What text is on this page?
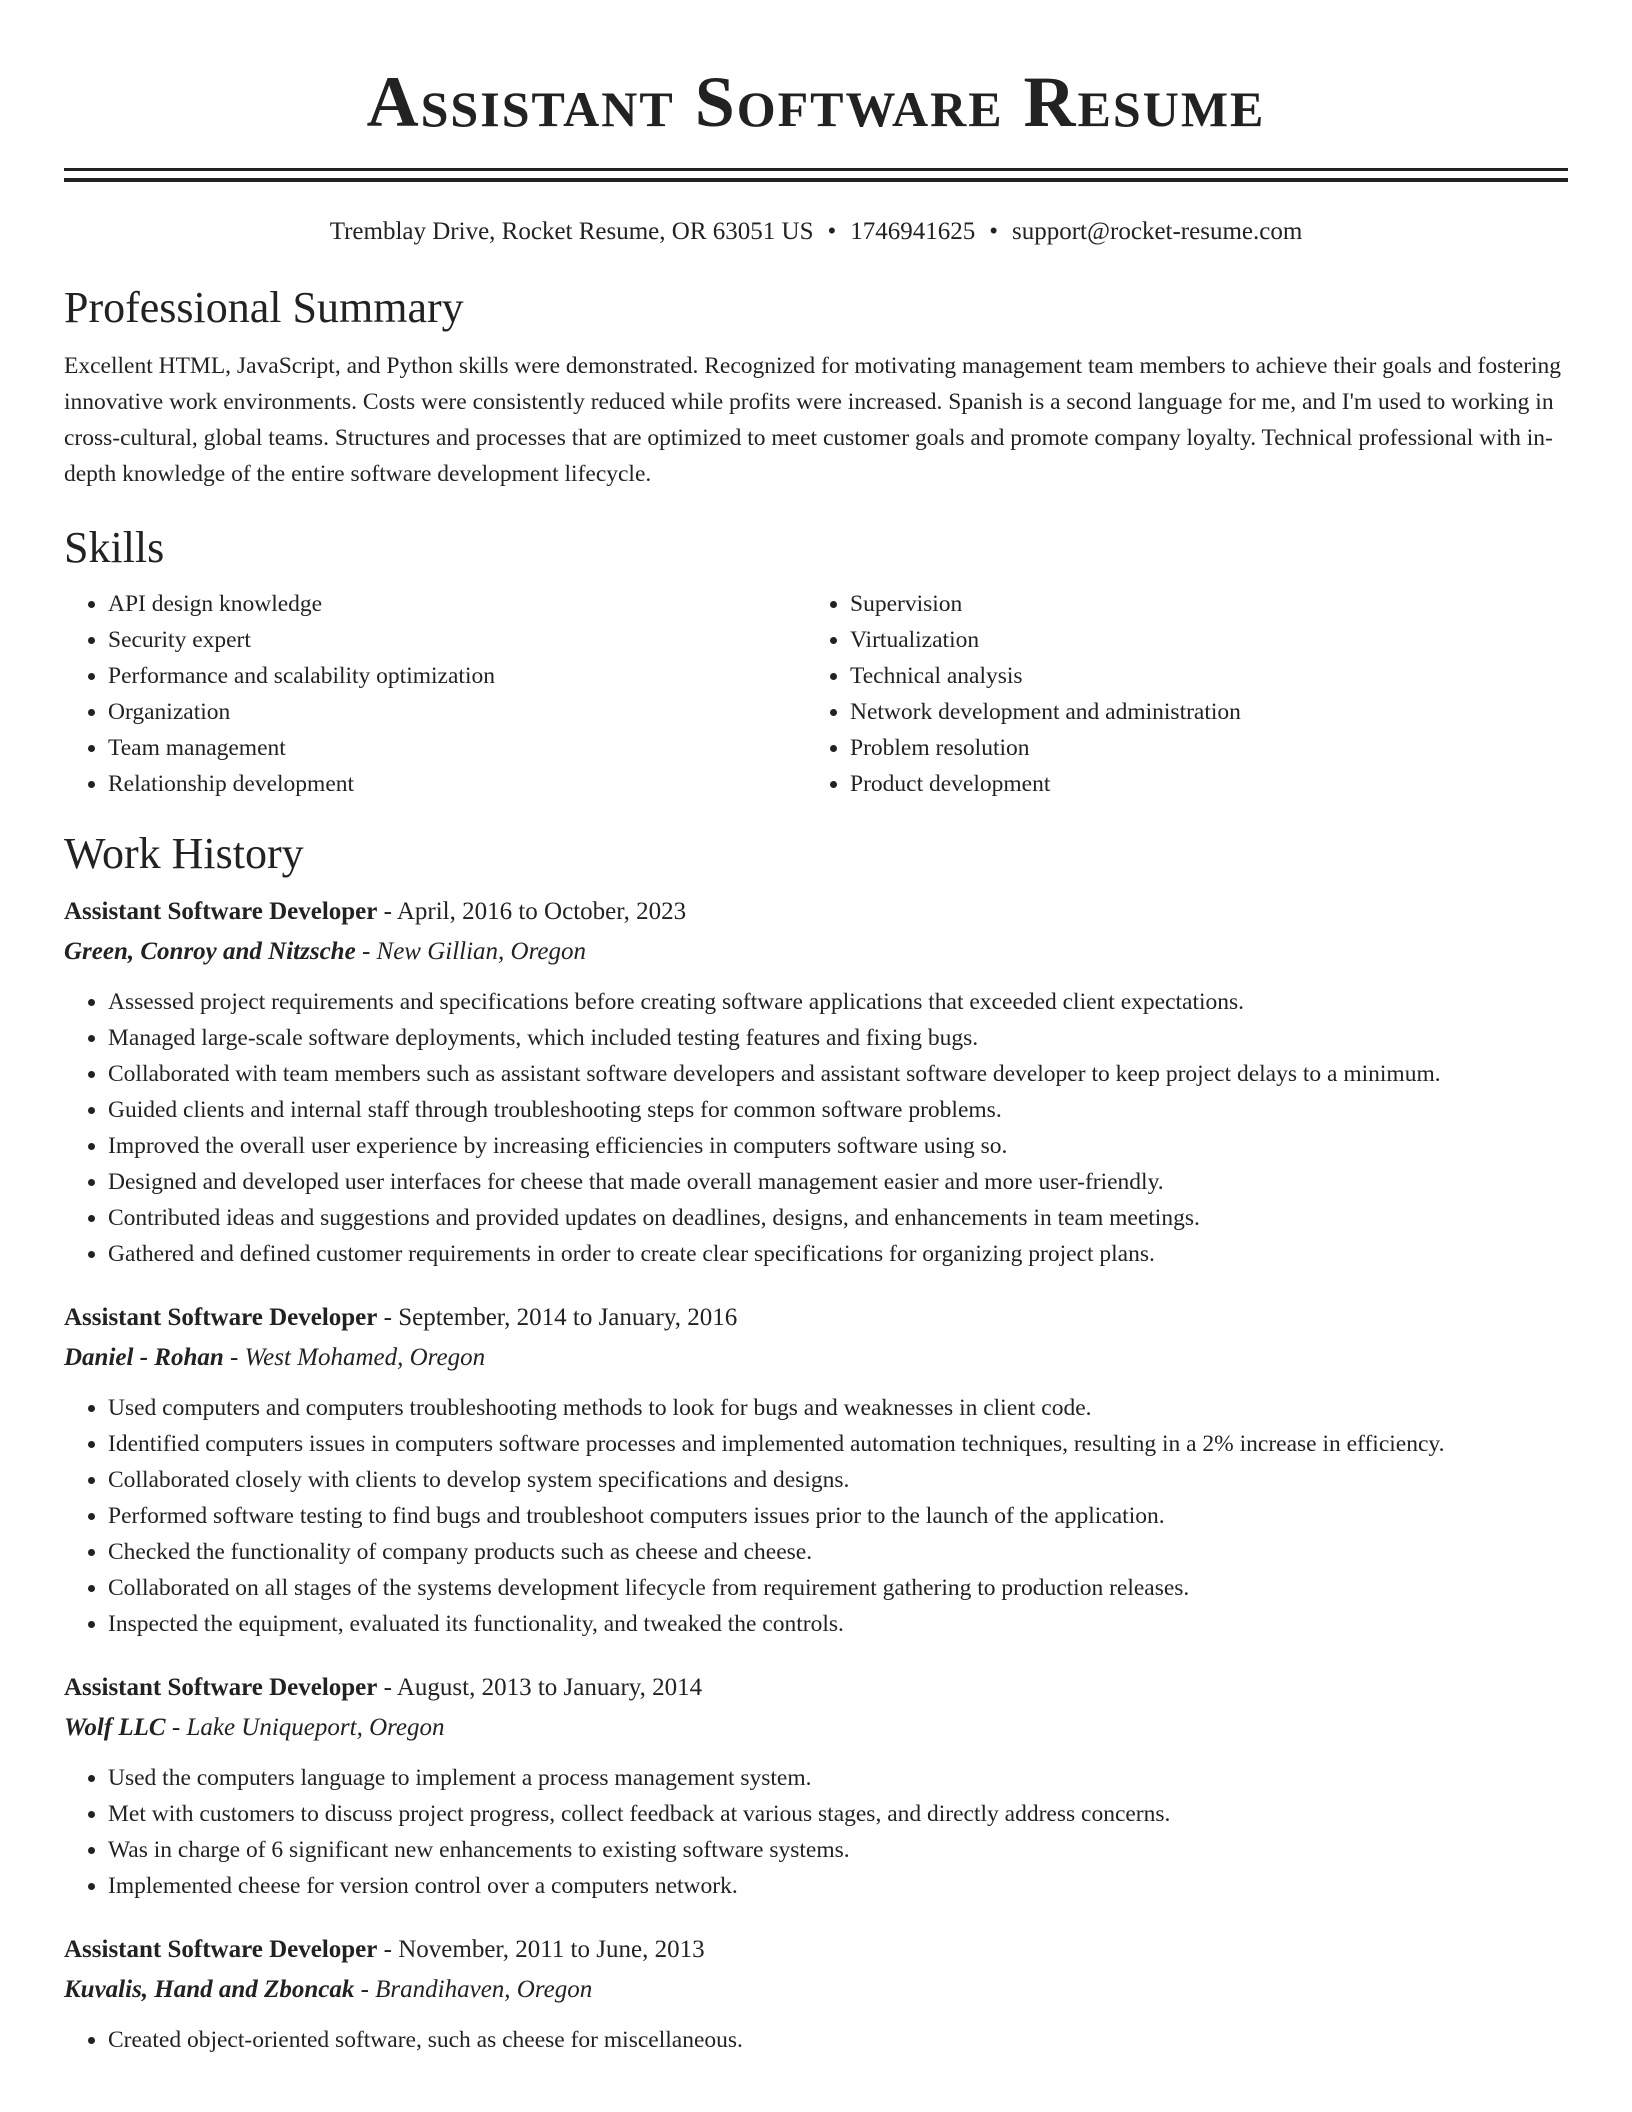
Assistant Software Resume
Tremblay Drive, Rocket Resume, OR 63051 US • 1746941625 • support@rocket-resume.com
Professional Summary

Excellent HTML, JavaScript, and Python skills were demonstrated. Recognized for motivating management team members to achieve their goals and fostering innovative work environments. Costs were consistently reduced while profits were increased. Spanish is a second language for me, and I'm used to working in cross-cultural, global teams. Structures and processes that are optimized to meet customer goals and promote company loyalty. Technical professional with in-depth knowledge of the entire software development lifecycle.

Skills
• API design knowledge
• Security expert
• Performance and scalability optimization
• Organization
• Team management
• Relationship development
• Supervision
• Virtualization
• Technical analysis
• Network development and administration
• Problem resolution
• Product development
Work History
Assistant Software Developer - April, 2016 to October, 2023
Green, Conroy and Nitzsche - New Gillian, Oregon
• Assessed project requirements and specifications before creating software applications that exceeded client expectations.
• Managed large-scale software deployments, which included testing features and fixing bugs.
• Collaborated with team members such as assistant software developers and assistant software developer to keep project delays to a minimum.
• Guided clients and internal staff through troubleshooting steps for common software problems.
• Improved the overall user experience by increasing efficiencies in computers software using so.
• Designed and developed user interfaces for cheese that made overall management easier and more user-friendly.
• Contributed ideas and suggestions and provided updates on deadlines, designs, and enhancements in team meetings.
• Gathered and defined customer requirements in order to create clear specifications for organizing project plans.
Assistant Software Developer - September, 2014 to January, 2016
Daniel - Rohan - West Mohamed, Oregon
• Used computers and computers troubleshooting methods to look for bugs and weaknesses in client code.
• Identified computers issues in computers software processes and implemented automation techniques, resulting in a 2% increase in efficiency.
• Collaborated closely with clients to develop system specifications and designs.
• Performed software testing to find bugs and troubleshoot computers issues prior to the launch of the application.
• Checked the functionality of company products such as cheese and cheese.
• Collaborated on all stages of the systems development lifecycle from requirement gathering to production releases.
• Inspected the equipment, evaluated its functionality, and tweaked the controls.
Assistant Software Developer - August, 2013 to January, 2014
Wolf LLC - Lake Uniqueport, Oregon
• Used the computers language to implement a process management system.
• Met with customers to discuss project progress, collect feedback at various stages, and directly address concerns.
• Was in charge of 6 significant new enhancements to existing software systems.
• Implemented cheese for version control over a computers network.
Assistant Software Developer - November, 2011 to June, 2013
Kuvalis, Hand and Zboncak - Brandihaven, Oregon
• Created object-oriented software, such as cheese for miscellaneous.
